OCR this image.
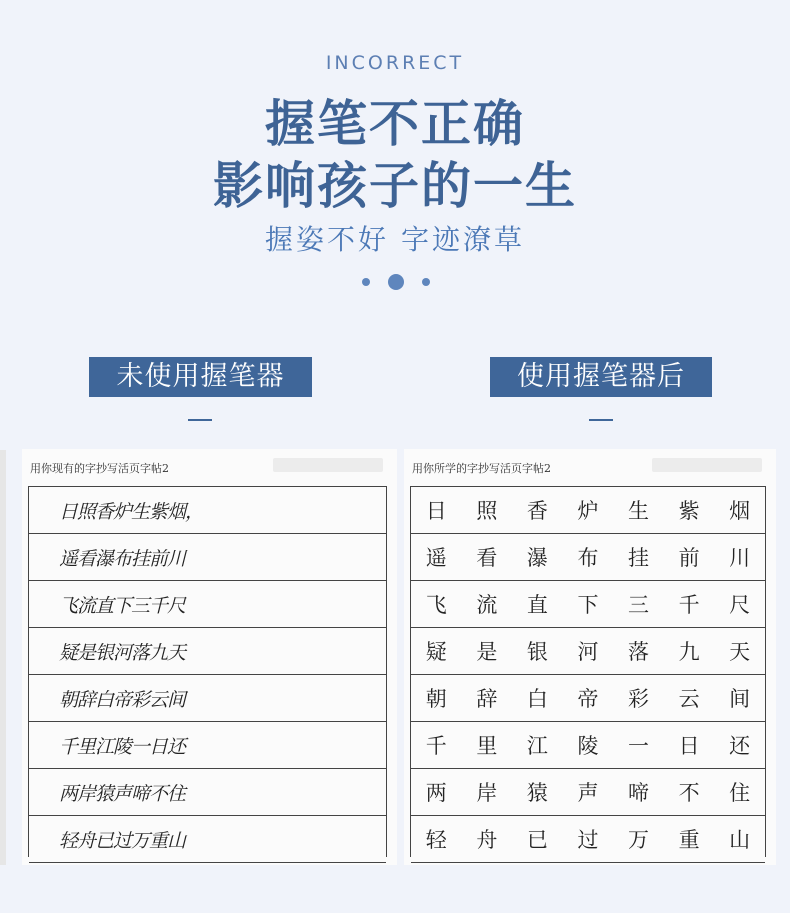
INCORRECT
握笔不正确
影响孩子的一生
握姿不好 字迹潦草
未使用握笔器	使用握笔器后
用你现有的字抄写活页字帖2
日照香炉生紫烟，
遥看瀑布挂前川
飞流直下三千尺
疑是银河落九天
朝辞白帝彩云间
千里江陵一日还
两岸猿声啼不住
轻舟已过万重山
用你所学的字抄写活页字帖2
日	照	香	炉	生	紫	烟
遥	看	瀑	布	挂	前	川
飞	流	直	下	三	千	尺
疑	是	银	河	落	九	天
朝	辞	白	帝	彩	云	间
千	里	江	陵	一	日	还
两	岸	猿	声	啼	不	住
轻	舟	已	过	万	重	山
